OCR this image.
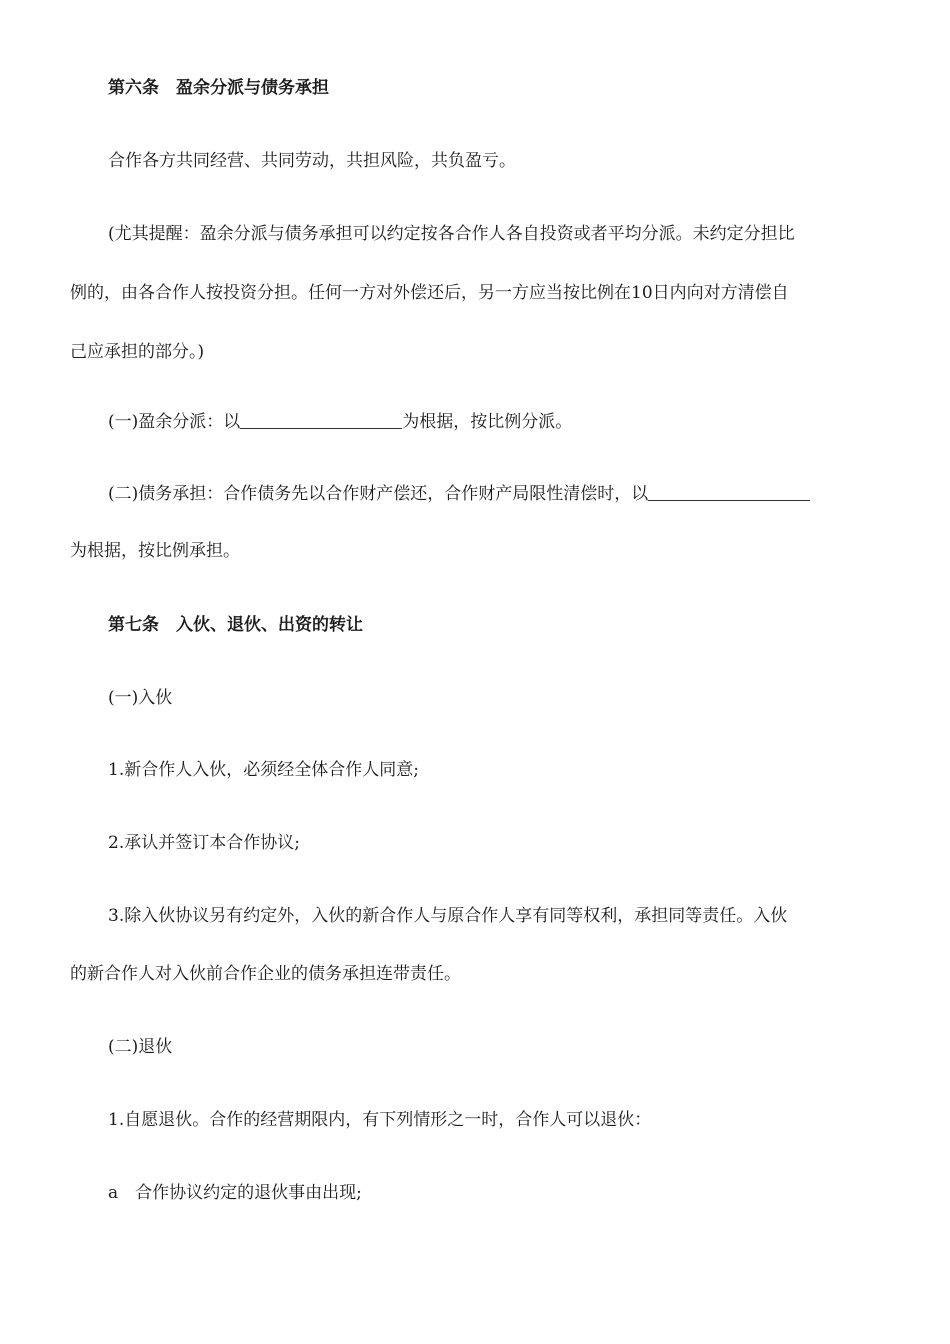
第六条　盈余分派与债务承担
合作各方共同经营、共同劳动，共担风险，共负盈亏。
(尤其提醒：盈余分派与债务承担可以约定按各合作人各自投资或者平均分派。未约定分担比
例的，由各合作人按投资分担。任何一方对外偿还后，另一方应当按比例在10日内向对方清偿自
己应承担的部分。)
(一)盈余分派：以	为根据，按比例分派。
(二)债务承担：合作债务先以合作财产偿还，合作财产局限性清偿时，以
为根据，按比例承担。
第七条　入伙、退伙、出资的转让
(一)入伙
1.新合作人入伙，必须经全体合作人同意;
2.承认并签订本合作协议;
3.除入伙协议另有约定外，入伙的新合作人与原合作人享有同等权利，承担同等责任。入伙
的新合作人对入伙前合作企业的债务承担连带责任。
(二)退伙
1.自愿退伙。合作的经营期限内，有下列情形之一时，合作人可以退伙：
a　合作协议约定的退伙事由出现;
